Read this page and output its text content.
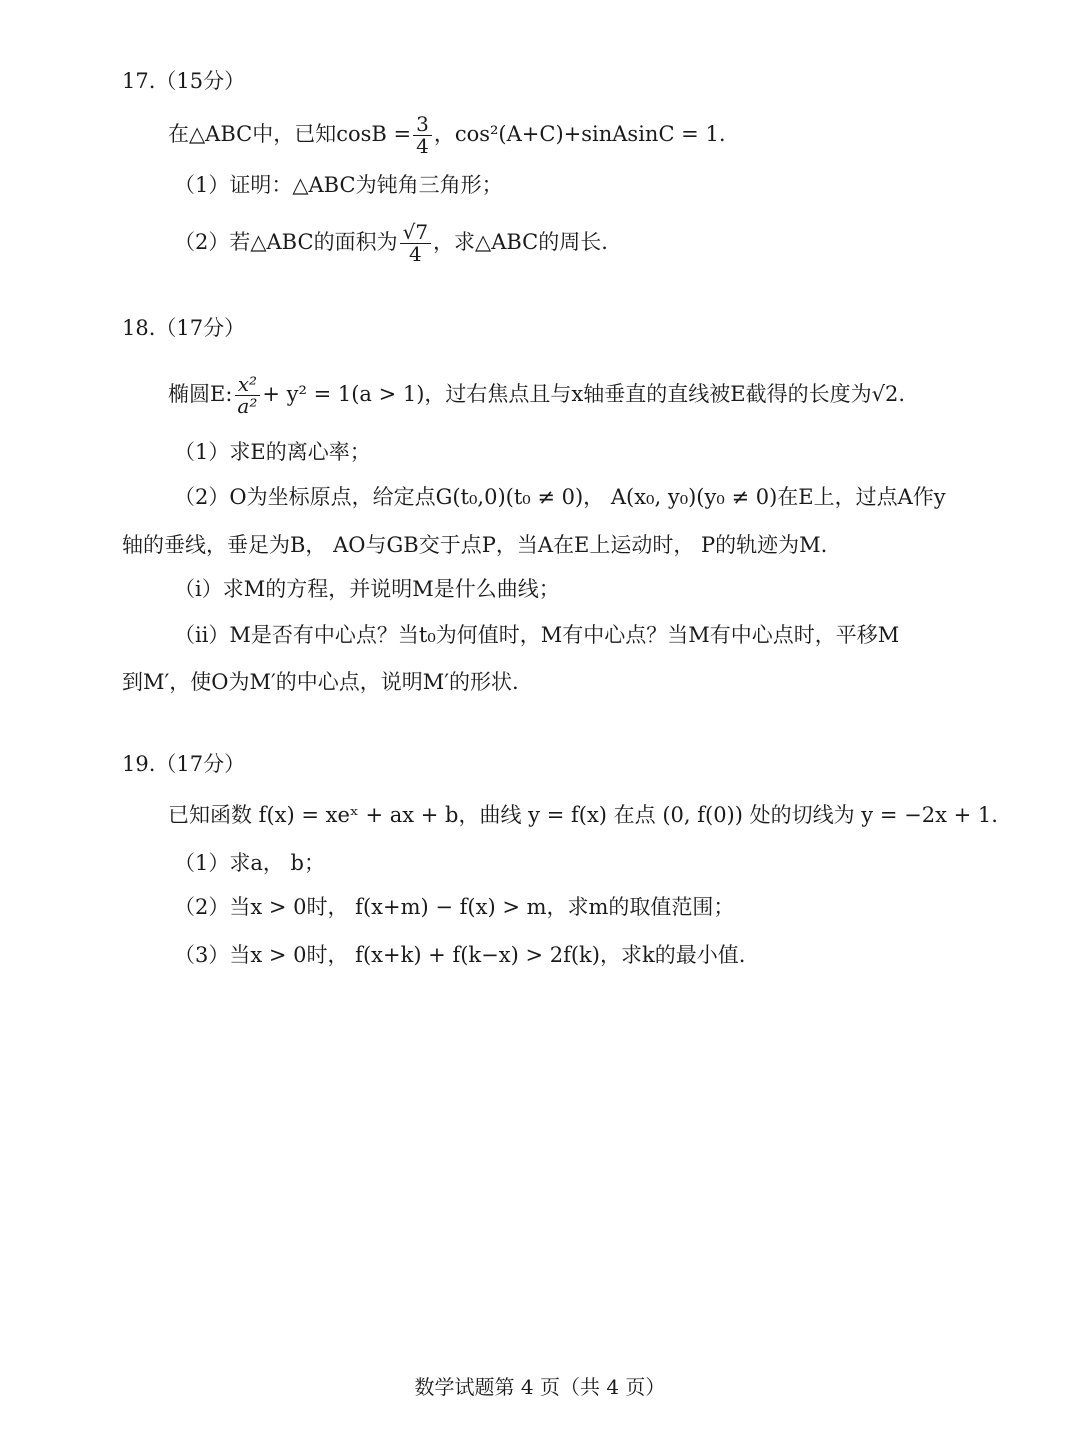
17.（15分）
在△ABC中，已知$\cos B = \frac{3}{4}$ ，cos²(A+C)+sinAsinC = 1.
（1）证明：△ABC为钝角三角形；
（2）若△ABC的面积为 $\frac{√7}{4}$ ，求△ABC的周长.
18.（17分）
椭圆E: $\frac{\text{x²}}{\text{a²}} + y^2 = 1(a > 1)$，过右焦点且与x轴垂直的直线被E截得的长度为√2.
（1）求E的离心率；
（2）O为坐标原点，给定点G(t₀,0)(t₀ ≠ 0)， A(x₀, y₀)(y₀ ≠ 0)在E上，过点A作y
轴的垂线，垂足为B， AO与GB交于点P，当A在E上运动时， P的轨迹为M.
（ⅰ）求M的方程，并说明M是什么曲线；
（ⅱ）M是否有中心点？当t₀为何值时，M有中心点？当M有中心点时，平移M
到M′，使O为M′的中心点，说明M′的形状.
19.（17分）
已知函数 f(x) = xeˣ + ax + b，曲线 y = f(x) 在点 (0, f(0)) 处的切线为 y = −2x + 1.
（1）求a， b；
（2）当x > 0时， f(x+m) − f(x) > m，求m的取值范围；
（3）当x > 0时， f(x+k) + f(k−x) > 2f(k)，求k的最小值.
数学试题第 4 页（共 4 页）
